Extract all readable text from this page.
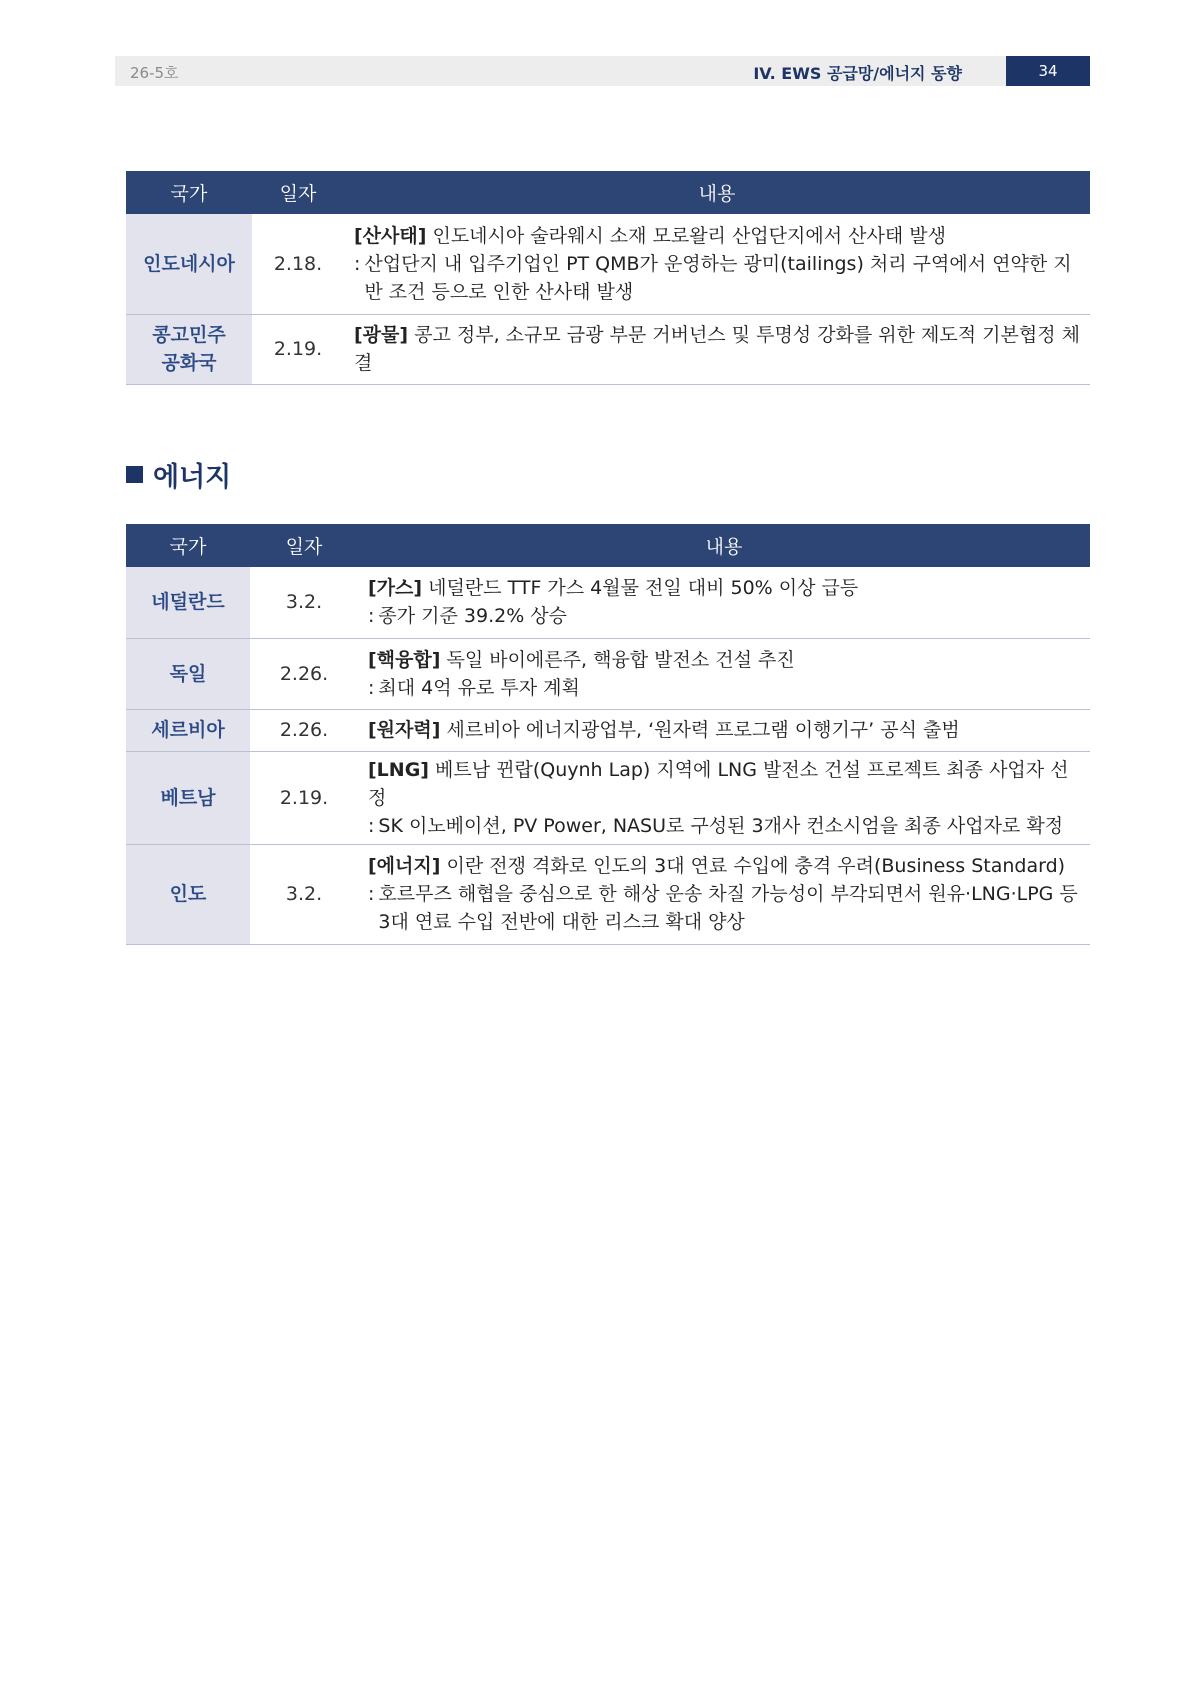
26-5호	IV. EWS 공급망/에너지 동향	34
국가	일자	내용
인도네시아	2.18.	[산사태] 인도네시아 술라웨시 소재 모로왈리 산업단지에서 산사태 발생
: 산업단지 내 입주기업인 PT QMB가 운영하는 광미(tailings) 처리 구역에서 연약한 지반 조건 등으로 인한 산사태 발생

콩고민주 공화국	2.19.	[광물] 콩고 정부, 소규모 금광 부문 거버넌스 및 투명성 강화를 위한 제도적 기본협정 체결
에너지
국가	일자	내용
네덜란드	3.2.	[가스] 네덜란드 TTF 가스 4월물 전일 대비 50% 이상 급등
: 종가 기준 39.2% 상승

독일	2.26.	[핵융합] 독일 바이에른주, 핵융합 발전소 건설 추진
: 최대 4억 유로 투자 계획

세르비아	2.26.	[원자력] 세르비아 에너지광업부, ‘원자력 프로그램 이행기구’ 공식 출범

베트남	2.19.	[LNG] 베트남 뀐랍(Quynh Lap) 지역에 LNG 발전소 건설 프로젝트 최종 사업자 선정
: SK 이노베이션, PV Power, NASU로 구성된 3개사 컨소시엄을 최종 사업자로 확정

인도	3.2.	[에너지] 이란 전쟁 격화로 인도의 3대 연료 수입에 충격 우려(Business Standard)
: 호르무즈 해협을 중심으로 한 해상 운송 차질 가능성이 부각되면서 원유·LNG·LPG 등 3대 연료 수입 전반에 대한 리스크 확대 양상
